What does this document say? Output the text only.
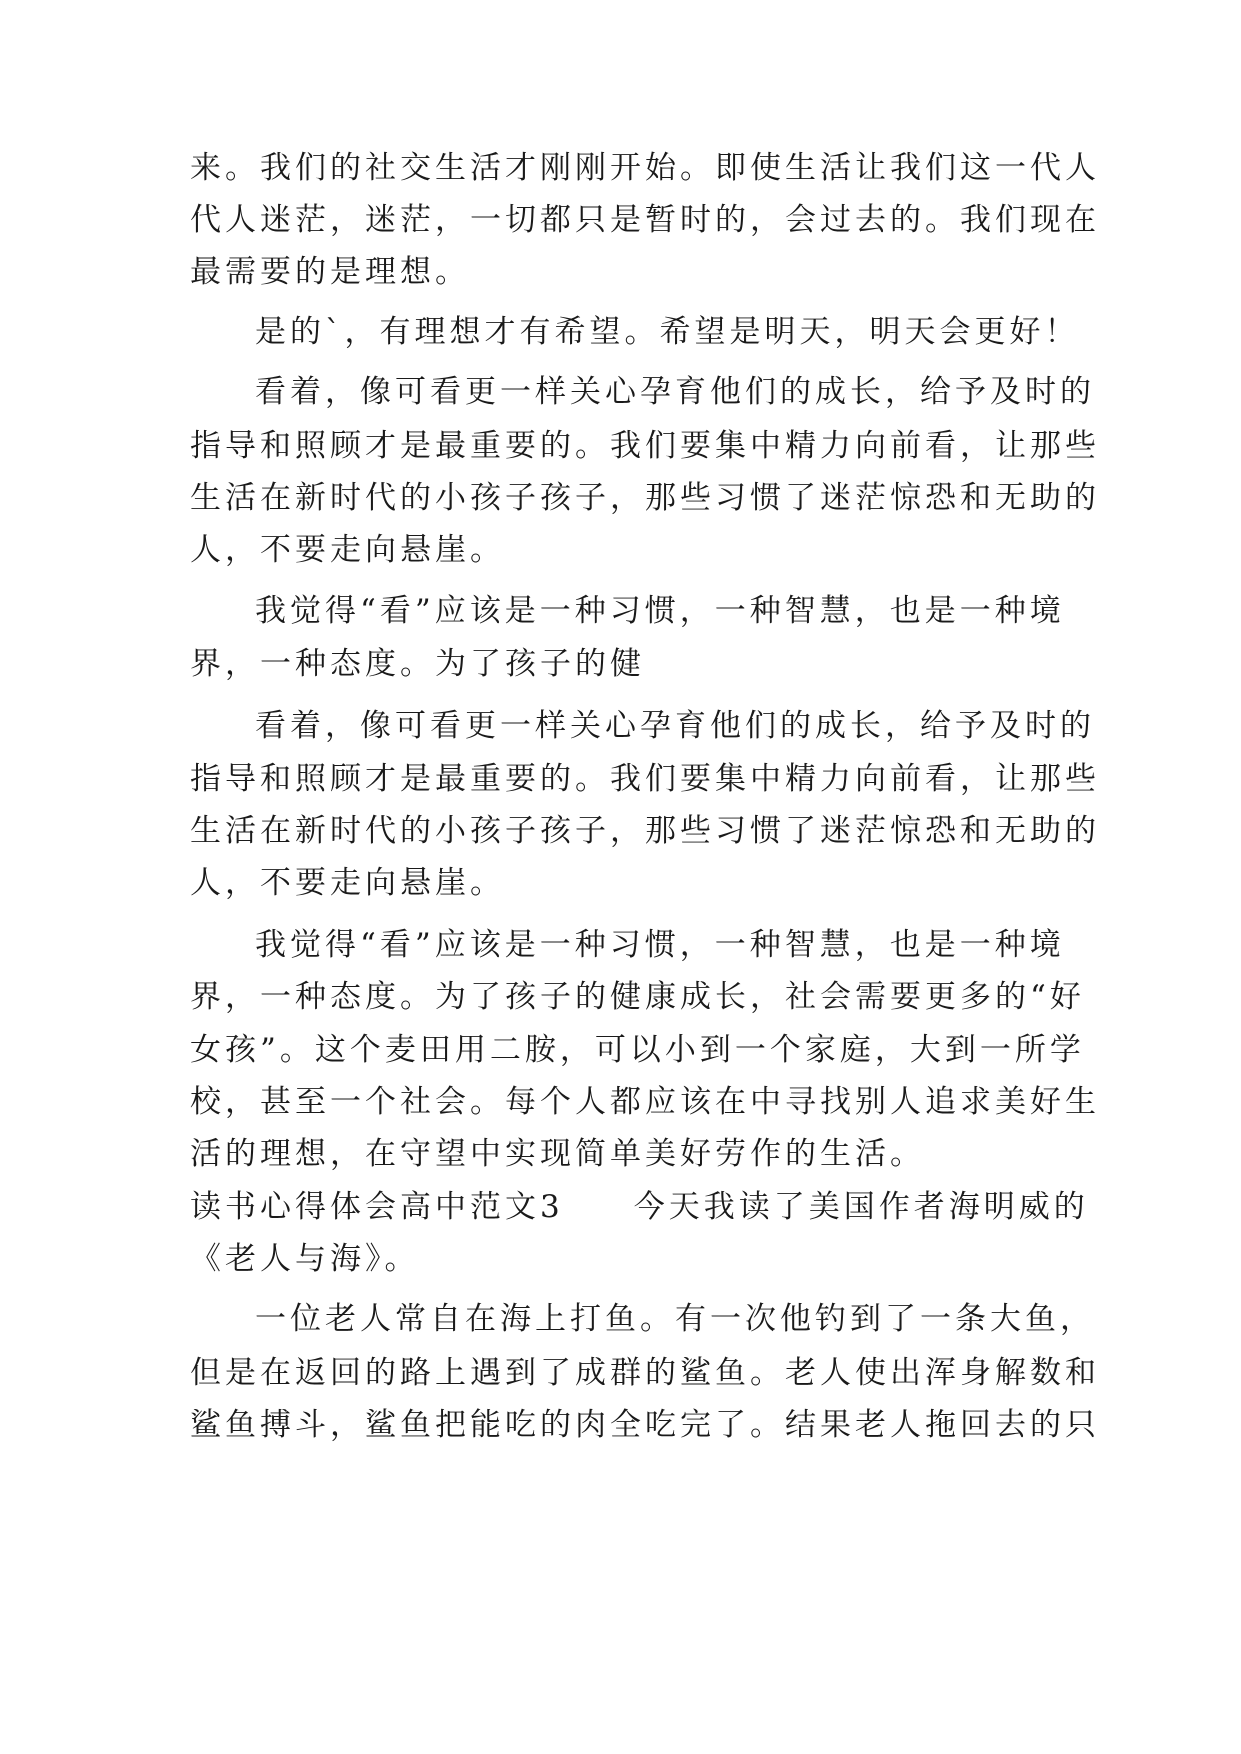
来。我们的社交生活才刚刚开始。即使生活让我们这一代人
代人迷茫，迷茫，一切都只是暂时的，会过去的。我们现在
最需要的是理想。
是的`，有理想才有希望。希望是明天，明天会更好！
看着，像可看更一样关心孕育他们的成长，给予及时的
指导和照顾才是最重要的。我们要集中精力向前看，让那些
生活在新时代的小孩子孩子，那些习惯了迷茫惊恐和无助的
人，不要走向悬崖。
我觉得“看”应该是一种习惯，一种智慧，也是一种境
界，一种态度。为了孩子的健
看着，像可看更一样关心孕育他们的成长，给予及时的
指导和照顾才是最重要的。我们要集中精力向前看，让那些
生活在新时代的小孩子孩子，那些习惯了迷茫惊恐和无助的
人，不要走向悬崖。
我觉得“看”应该是一种习惯，一种智慧，也是一种境
界，一种态度。为了孩子的健康成长，社会需要更多的“好
女孩”。这个麦田用二胺，可以小到一个家庭，大到一所学
校，甚至一个社会。每个人都应该在中寻找别人追求美好生
活的理想，在守望中实现简单美好劳作的生活。
读书心得体会高中范文3　　今天我读了美国作者海明威的
《老人与海》。
一位老人常自在海上打鱼。有一次他钓到了一条大鱼，
但是在返回的路上遇到了成群的鲨鱼。老人使出浑身解数和
鲨鱼搏斗，鲨鱼把能吃的肉全吃完了。结果老人拖回去的只
